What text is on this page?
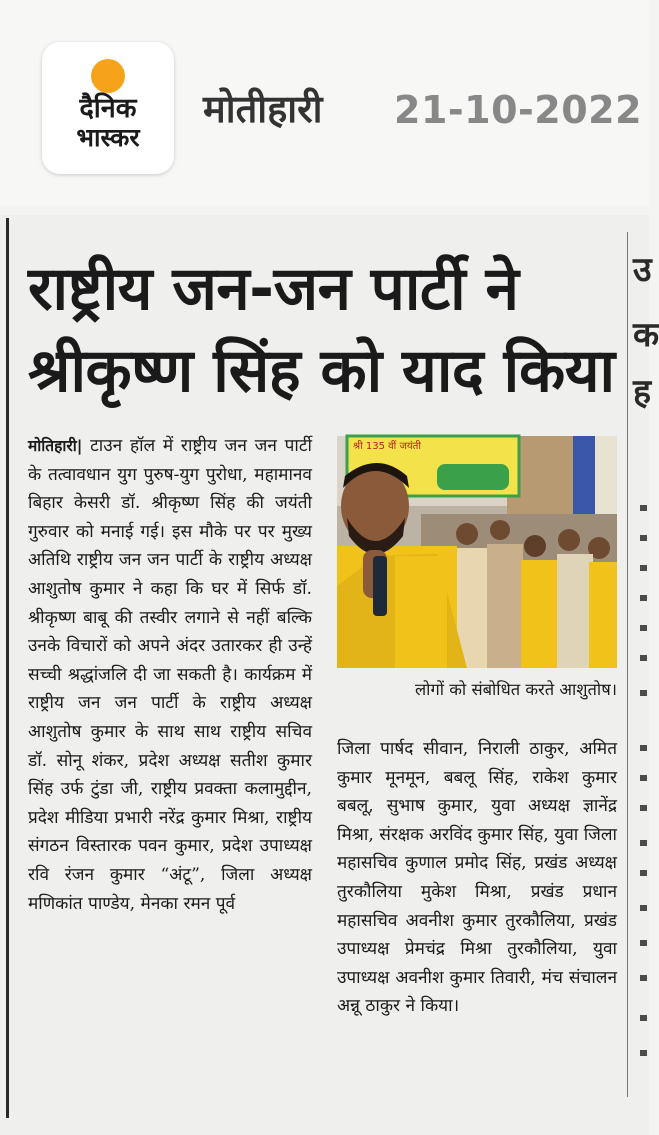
दैनिक
भास्कर
मोतीहारी 21-10-2022
राष्ट्रीय जन-जन पार्टी ने
श्रीकृष्ण सिंह को याद किया
मोतिहारी| टाउन हॉल में राष्ट्रीय जन जन पार्टी के तत्वावधान युग पुरुष-युग पुरोधा, महामानव बिहार केसरी डॉ. श्रीकृष्ण सिंह की जयंती गुरुवार को मनाई गई। इस मौके पर पर मुख्य अतिथि राष्ट्रीय जन जन पार्टी के राष्ट्रीय अध्यक्ष आशुतोष कुमार ने कहा कि घर में सिर्फ डॉ. श्रीकृष्ण बाबू की तस्वीर लगाने से नहीं बल्कि उनके विचारों को अपने अंदर उतारकर ही उन्हें सच्ची श्रद्धांजलि दी जा सकती है। कार्यक्रम में राष्ट्रीय जन जन पार्टी के राष्ट्रीय अध्यक्ष आशुतोष कुमार के साथ साथ राष्ट्रीय सचिव डॉ. सोनू शंकर, प्रदेश अध्यक्ष सतीश कुमार सिंह उर्फ टुंडा जी, राष्ट्रीय प्रवक्ता कलामुद्दीन, प्रदेश मीडिया प्रभारी नरेंद्र कुमार मिश्रा, राष्ट्रीय संगठन विस्तारक पवन कुमार, प्रदेश उपाध्यक्ष रवि रंजन कुमार “अंटू”, जिला अध्यक्ष मणिकांत पाण्डेय, मेनका रमन पूर्व
श्री 135 वीं जयंती
लोगों को संबोधित करते आशुतोष।
जिला पार्षद सीवान, निराली ठाकुर, अमित कुमार मूनमून, बबलू सिंह, राकेश कुमार बबलू, सुभाष कुमार, युवा अध्यक्ष ज्ञानेंद्र मिश्रा, संरक्षक अरविंद कुमार सिंह, युवा जिला महासचिव कुणाल प्रमोद सिंह, प्रखंड अध्यक्ष तुरकौलिया मुकेश मिश्रा, प्रखंड प्रधान महासचिव अवनीश कुमार तुरकौलिया, प्रखंड उपाध्यक्ष प्रेमचंद्र मिश्रा तुरकौलिया, युवा उपाध्यक्ष अवनीश कुमार तिवारी, मंच संचालन अन्नू ठाकुर ने किया।
उ
क
ह
